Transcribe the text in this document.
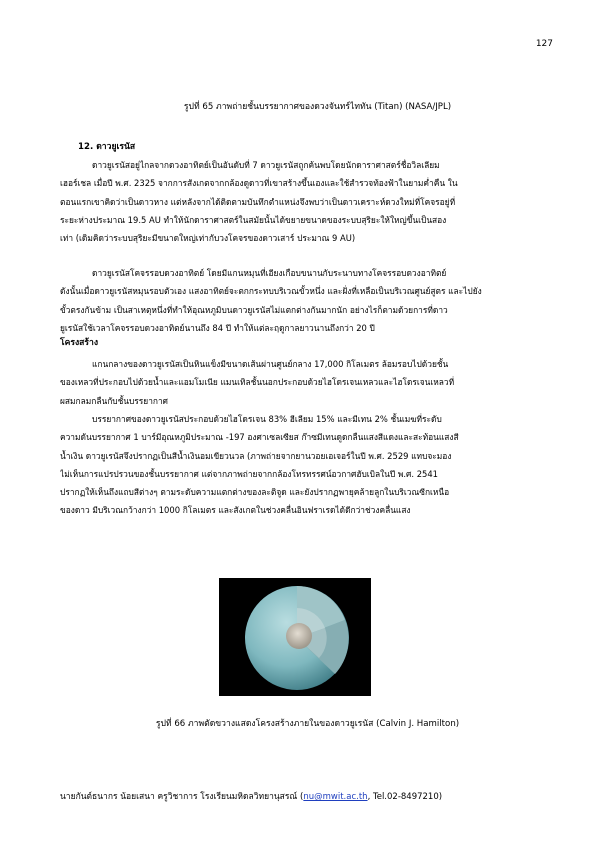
127
รูปที่ 65 ภาพถ่ายชั้นบรรยากาศของดวงจันทร์ไททัน (Titan) (NASA/JPL)
12. ดาวยูเรนัส
ดาวยูเรนัสอยู่ไกลจากดวงอาทิตย์เป็นอันดับที่ 7 ดาวยูเรนัสถูกค้นพบโดยนักดาราศาสตร์ชื่อวิลเลียม
เฮอร์เชล เมื่อปี พ.ศ. 2325 จากการสังเกตจากกล้องดูดาวที่เขาสร้างขึ้นเองและใช้สำรวจท้องฟ้าในยามค่ำคืน ใน
ตอนแรกเขาคิดว่าเป็นดาวหาง แต่หลังจากได้ติดตามบันทึกตำแหน่งจึงพบว่าเป็นดาวเคราะห์ดวงใหม่ที่โคจรอยู่ที่
ระยะห่างประมาณ 19.5 AU ทำให้นักดาราศาสตร์ในสมัยนั้นได้ขยายขนาดของระบบสุริยะให้ใหญ่ขึ้นเป็นสอง
เท่า (เดิมคิดว่าระบบสุริยะมีขนาดใหญ่เท่ากับวงโคจรของดาวเสาร์ ประมาณ 9 AU)
ดาวยูเรนัสโคจรรอบดวงอาทิตย์ โดยมีแกนหมุนที่เอียงเกือบขนานกับระนาบทางโคจรรอบดวงอาทิตย์
ดังนั้นเมื่อดาวยูเรนัสหมุนรอบตัวเอง แสงอาทิตย์จะตกกระทบบริเวณขั้วหนึ่ง และฝั่งที่เหลือเป็นบริเวณศูนย์สูตร และไปยัง
ขั้วตรงกันข้าม เป็นสาเหตุหนึ่งที่ทำให้อุณหภูมิบนดาวยูเรนัสไม่แตกต่างกันมากนัก อย่างไรก็ตามด้วยการที่ดาว
ยูเรนัสใช้เวลาโคจรรอบดวงอาทิตย์นานถึง 84 ปี ทำให้แต่ละฤดูกาลยาวนานถึงกว่า 20 ปี
โครงสร้าง
แกนกลางของดาวยูเรนัสเป็นหินแข็งมีขนาดเส้นผ่านศูนย์กลาง 17,000 กิโลเมตร ล้อมรอบไปด้วยชั้น
ของเหลวที่ประกอบไปด้วยน้ำและแอมโมเนีย แมนเทิลชั้นนอกประกอบด้วยไฮโดรเจนเหลวและไฮโดรเจนเหลวที่
ผสมกลมกลืนกับชั้นบรรยากาศ
บรรยากาศของดาวยูเรนัสประกอบด้วยไฮโดรเจน 83% ฮีเลียม 15% และมีเทน 2% ชั้นเมฆที่ระดับ
ความดันบรรยากาศ 1 บาร์มีอุณหภูมิประมาณ -197 องศาเซลเซียส ก๊าซมีเทนดูดกลืนแสงสีแดงและสะท้อนแสงสี
น้ำเงิน ดาวยูเรนัสจึงปรากฏเป็นสีน้ำเงินอมเขียวนวล (ภาพถ่ายจากยานวอยเอเจอร์ในปี พ.ศ. 2529 แทบจะมอง
ไม่เห็นการแปรปรวนของชั้นบรรยากาศ แต่จากภาพถ่ายจากกล้องโทรทรรศน์อวกาศฮับเบิลในปี พ.ศ. 2541
ปรากฏให้เห็นถึงแถบสีต่างๆ ตามระดับความแตกต่างของละติจูด และยังปรากฏพายุคล้ายลูกในบริเวณซีกเหนือ
ของดาว มีบริเวณกว้างกว่า 1000 กิโลเมตร และสังเกตในช่วงคลื่นอินฟราเรดได้ดีกว่าช่วงคลื่นแสง
รูปที่ 66 ภาพตัดขวางแสดงโครงสร้างภายในของดาวยูเรนัส (Calvin J. Hamilton)
นายกันต์ธนากร น้อยเสนา ครูวิชาการ โรงเรียนมหิดลวิทยานุสรณ์ (nu@mwit.ac.th, Tel.02-8497210)
